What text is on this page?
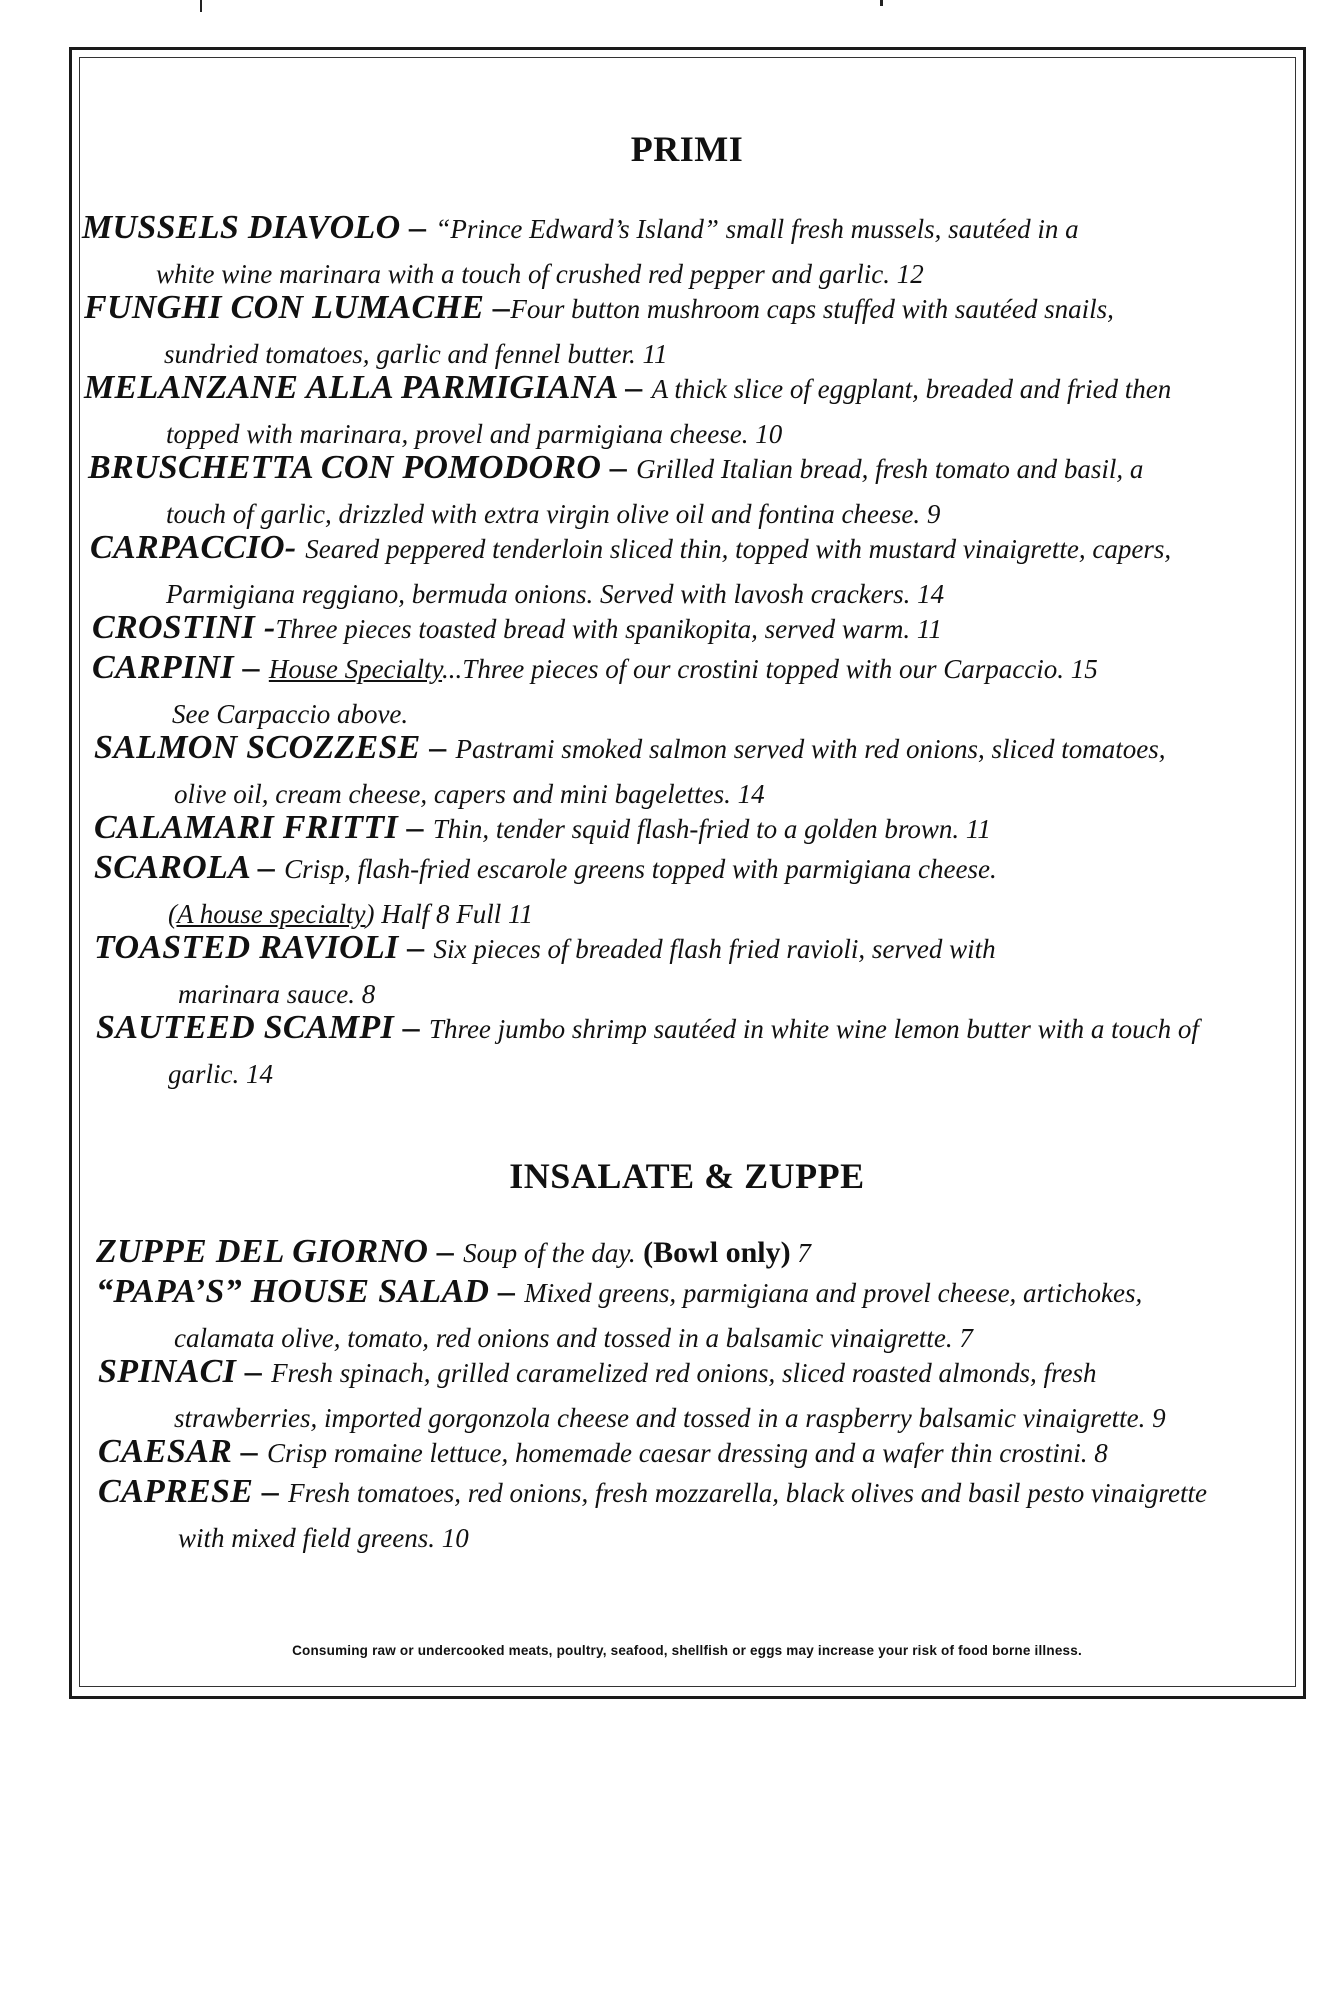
PRIMI
MUSSELS DIAVOLO – “Prince Edward’s Island” small fresh mussels, sautéed in a
white wine marinara with a touch of crushed red pepper and garlic. 12
FUNGHI CON LUMACHE –Four button mushroom caps stuffed with sautéed snails,
sundried tomatoes, garlic and fennel butter. 11
MELANZANE ALLA PARMIGIANA – A thick slice of eggplant, breaded and fried then
topped with marinara, provel and parmigiana cheese. 10
BRUSCHETTA CON POMODORO – Grilled Italian bread, fresh tomato and basil, a
touch of garlic, drizzled with extra virgin olive oil and fontina cheese. 9
CARPACCIO- Seared peppered tenderloin sliced thin, topped with mustard vinaigrette, capers,
Parmigiana reggiano, bermuda onions. Served with lavosh crackers. 14
CROSTINI -Three pieces toasted bread with spanikopita, served warm. 11
CARPINI – House Specialty...Three pieces of our crostini topped with our Carpaccio. 15
See Carpaccio above.
SALMON SCOZZESE – Pastrami smoked salmon served with red onions, sliced tomatoes,
olive oil, cream cheese, capers and mini bagelettes. 14
CALAMARI FRITTI – Thin, tender squid flash-fried to a golden brown. 11
SCAROLA – Crisp, flash-fried escarole greens topped with parmigiana cheese.
(A house specialty) Half 8 Full 11
TOASTED RAVIOLI – Six pieces of breaded flash fried ravioli, served with
marinara sauce. 8
SAUTEED SCAMPI – Three jumbo shrimp sautéed in white wine lemon butter with a touch of
garlic. 14
INSALATE & ZUPPE
ZUPPE DEL GIORNO – Soup of the day. (Bowl only) 7
“PAPA’S” HOUSE SALAD – Mixed greens, parmigiana and provel cheese, artichokes,
calamata olive, tomato, red onions and tossed in a balsamic vinaigrette. 7
SPINACI – Fresh spinach, grilled caramelized red onions, sliced roasted almonds, fresh
strawberries, imported gorgonzola cheese and tossed in a raspberry balsamic vinaigrette. 9
CAESAR – Crisp romaine lettuce, homemade caesar dressing and a wafer thin crostini. 8
CAPRESE – Fresh tomatoes, red onions, fresh mozzarella, black olives and basil pesto vinaigrette
with mixed field greens. 10
Consuming raw or undercooked meats, poultry, seafood, shellfish or eggs may increase your risk of food borne illness.
